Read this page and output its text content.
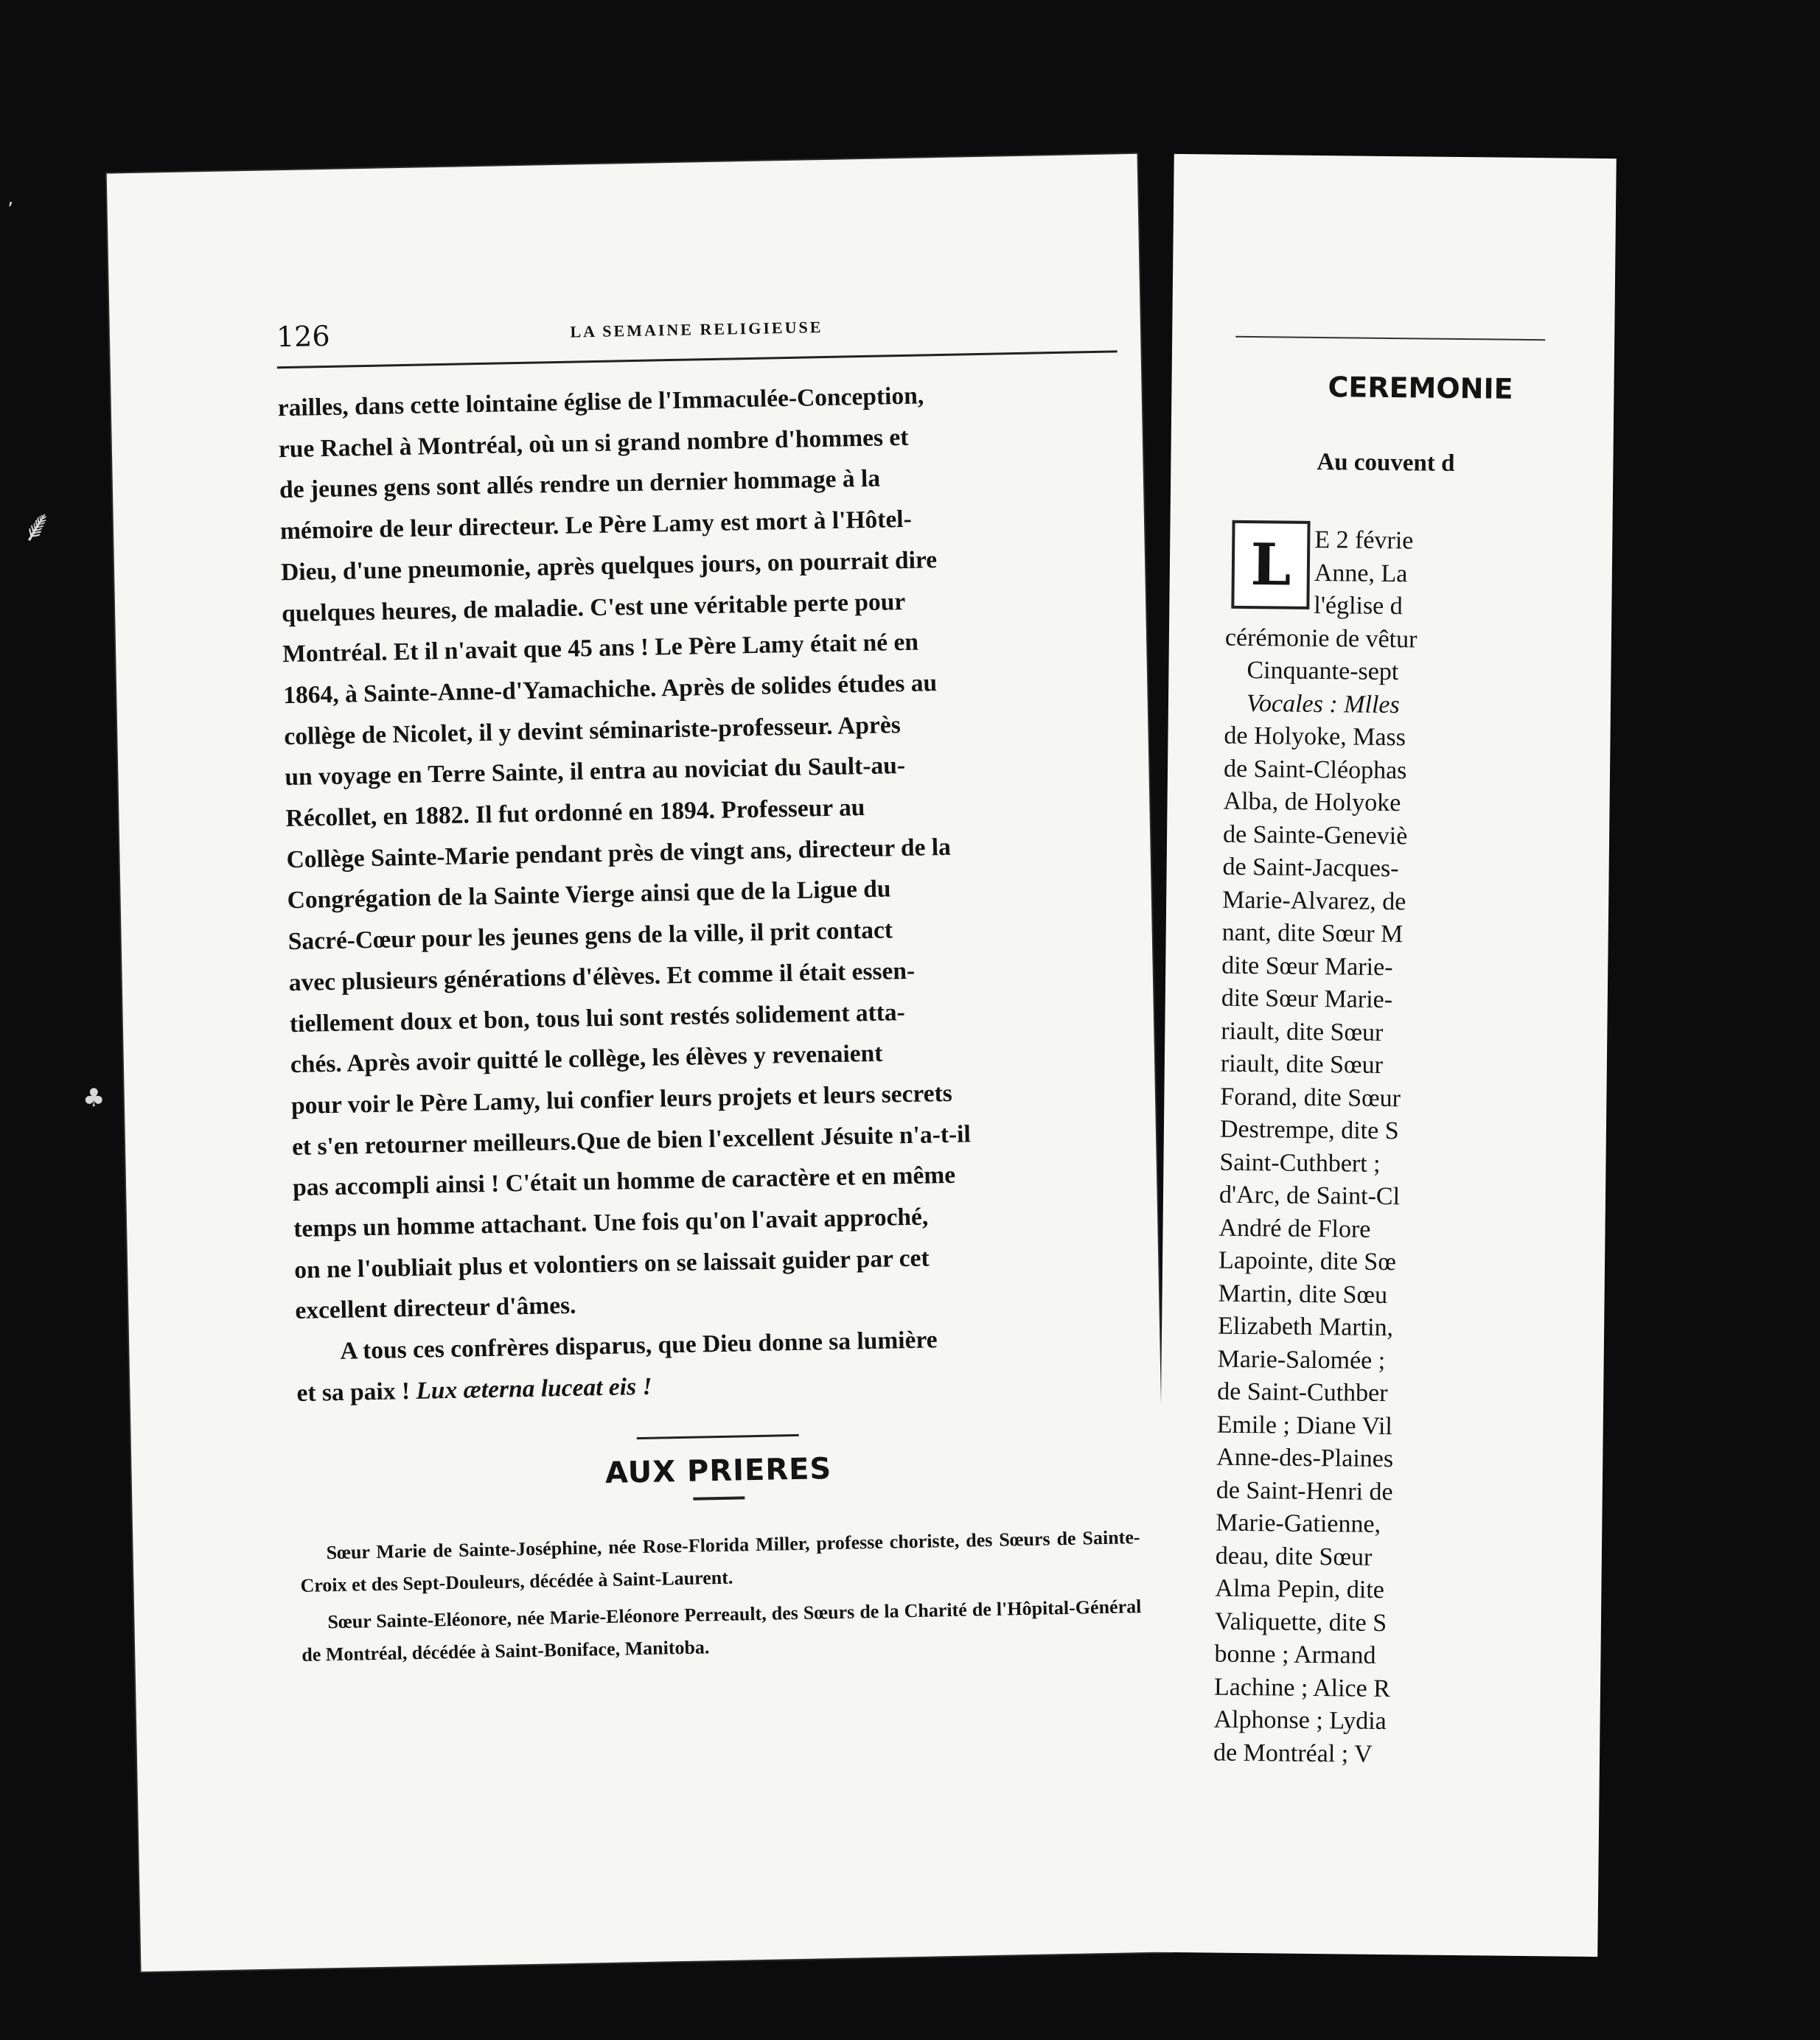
ʼ
⸙
♣
126	LA SEMAINE RELIGIEUSE

railles, dans cette lointaine église de l'Immaculée-Conception,
rue Rachel à Montréal, où un si grand nombre d'hommes et
de jeunes gens sont allés rendre un dernier hommage à la
mémoire de leur directeur. Le Père Lamy est mort à l'Hôtel-
Dieu, d'une pneumonie, après quelques jours, on pourrait dire
quelques heures, de maladie. C'est une véritable perte pour
Montréal. Et il n'avait que 45 ans ! Le Père Lamy était né en
1864, à Sainte-Anne-d'Yamachiche. Après de solides études au
collège de Nicolet, il y devint séminariste-professeur. Après
un voyage en Terre Sainte, il entra au noviciat du Sault-au-
Récollet, en 1882. Il fut ordonné en 1894. Professeur au
Collège Sainte-Marie pendant près de vingt ans, directeur de la
Congrégation de la Sainte Vierge ainsi que de la Ligue du
Sacré-Cœur pour les jeunes gens de la ville, il prit contact
avec plusieurs générations d'élèves. Et comme il était essen-
tiellement doux et bon, tous lui sont restés solidement atta-
chés. Après avoir quitté le collège, les élèves y revenaient
pour voir le Père Lamy, lui confier leurs projets et leurs secrets
et s'en retourner meilleurs.Que de bien l'excellent Jésuite n'a-t-il
pas accompli ainsi ! C'était un homme de caractère et en même
temps un homme attachant. Une fois qu'on l'avait approché,
on ne l'oubliait plus et volontiers on se laissait guider par cet
excellent directeur d'âmes.

A tous ces confrères disparus, que Dieu donne sa lumière
et sa paix ! Lux æterna luceat eis !

AUX PRIERES

Sœur Marie de Sainte-Joséphine, née Rose-Florida Miller, professe choriste, des Sœurs de Sainte-Croix et des Sept-Douleurs, décédée à Saint-Laurent.

Sœur Sainte-Eléonore, née Marie-Eléonore Perreault, des Sœurs de la Charité de l'Hôpital-Général de Montréal, décédée à Saint-Boniface, Manitoba.

CEREMONIE
Au couvent d
L E 2 févrie
Anne, La
l'église d
cérémonie de vêtur
Cinquante-sept
Vocales : Mlles
de Holyoke, Mass
de Saint-Cléophas
Alba, de Holyoke
de Sainte-Geneviè
de Saint-Jacques-
Marie-Alvarez, de
nant, dite Sœur M
dite Sœur Marie-
dite Sœur Marie-
riault, dite Sœur
riault, dite Sœur
Forand, dite Sœur
Destrempe, dite S
Saint-Cuthbert ;
d'Arc, de Saint-Cl
André de Flore
Lapointe, dite Sœ
Martin, dite Sœu
Elizabeth Martin,
Marie-Salomée ;
de Saint-Cuthber
Emile ; Diane Vil
Anne-des-Plaines
de Saint-Henri de
Marie-Gatienne,
deau, dite Sœur
Alma Pepin, dite
Valiquette, dite S
bonne ; Armand
Lachine ; Alice R
Alphonse ; Lydia
de Montréal ; V
